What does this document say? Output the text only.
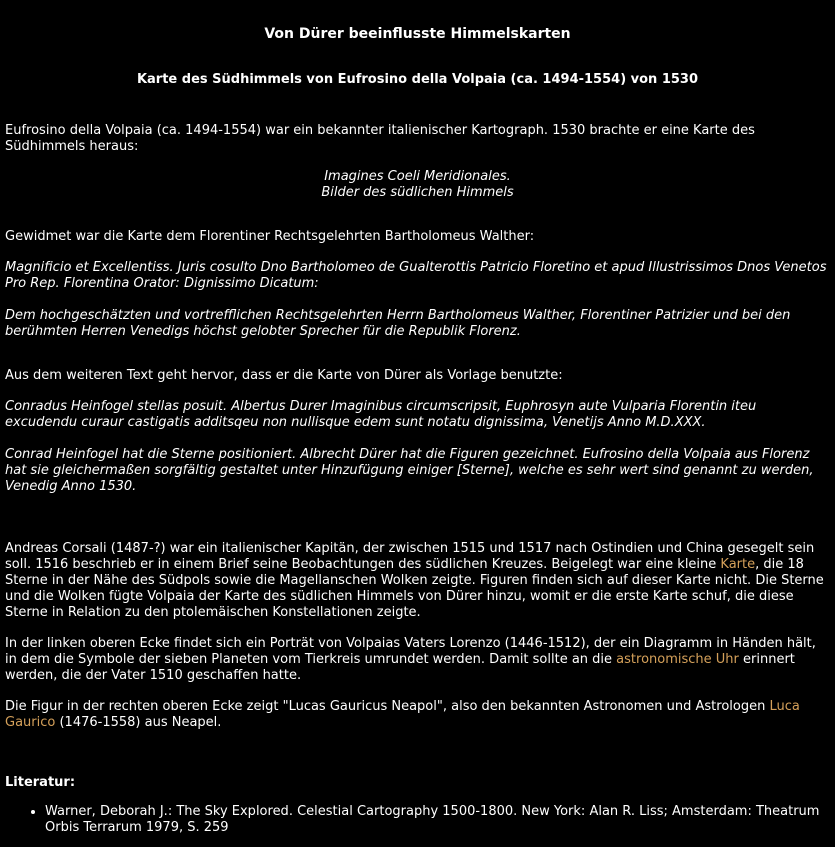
Von Dürer beeinflusste Himmelskarten
Karte des Südhimmels von Eufrosino della Volpaia (ca. 1494-1554) von 1530

Eufrosino della Volpaia (ca. 1494-1554) war ein bekannter italienischer Kartograph. 1530 brachte er eine Karte des Südhimmels heraus:

Imagines Coeli Meridionales.

Bilder des südlichen Himmels

Gewidmet war die Karte dem Florentiner Rechtsgelehrten Bartholomeus Walther:

Magnificio et Excellentiss. Juris cosulto Dno Bartholomeo de Gualterottis Patricio Floretino et apud Illustrissimos Dnos Venetos Pro Rep. Florentina Orator: Dignissimo Dicatum:

Dem hochgeschätzten und vortrefflichen Rechtsgelehrten Herrn Bartholomeus Walther, Florentiner Patrizier und bei den berühmten Herren Venedigs höchst gelobter Sprecher für die Republik Florenz.

Aus dem weiteren Text geht hervor, dass er die Karte von Dürer als Vorlage benutzte:

Conradus Heinfogel stellas posuit. Albertus Durer Imaginibus circumscripsit, Euphrosyn aute Vulparia Florentin iteu excudendu curaur castigatis additsqeu non nullisque edem sunt notatu dignissima, Venetijs Anno M.D.XXX.

Conrad Heinfogel hat die Sterne positioniert. Albrecht Dürer hat die Figuren gezeichnet. Eufrosino della Volpaia aus Florenz hat sie gleichermaßen sorgfältig gestaltet unter Hinzufügung einiger [Sterne], welche es sehr wert sind genannt zu werden, Venedig Anno 1530.

Andreas Corsali (1487-?) war ein italienischer Kapitän, der zwischen 1515 und 1517 nach Ostindien und China gesegelt sein soll. 1516 beschrieb er in einem Brief seine Beobachtungen des südlichen Kreuzes. Beigelegt war eine kleine Karte, die 18 Sterne in der Nähe des Südpols sowie die Magellanschen Wolken zeigte. Figuren finden sich auf dieser Karte nicht. Die Sterne und die Wolken fügte Volpaia der Karte des südlichen Himmels von Dürer hinzu, womit er die erste Karte schuf, die diese Sterne in Relation zu den ptolemäischen Konstellationen zeigte.

In der linken oberen Ecke findet sich ein Porträt von Volpaias Vaters Lorenzo (1446-1512), der ein Diagramm in Händen hält, in dem die Symbole der sieben Planeten vom Tierkreis umrundet werden. Damit sollte an die astronomische Uhr erinnert werden, die der Vater 1510 geschaffen hatte.

Die Figur in der rechten oberen Ecke zeigt "Lucas Gauricus Neapol", also den bekannten Astronomen und Astrologen Luca Gaurico (1476-1558) aus Neapel.

Literatur:

• Warner, Deborah J.: The Sky Explored. Celestial Cartography 1500-1800. New York: Alan R. Liss; Amsterdam: Theatrum Orbis Terrarum 1979, S. 259
